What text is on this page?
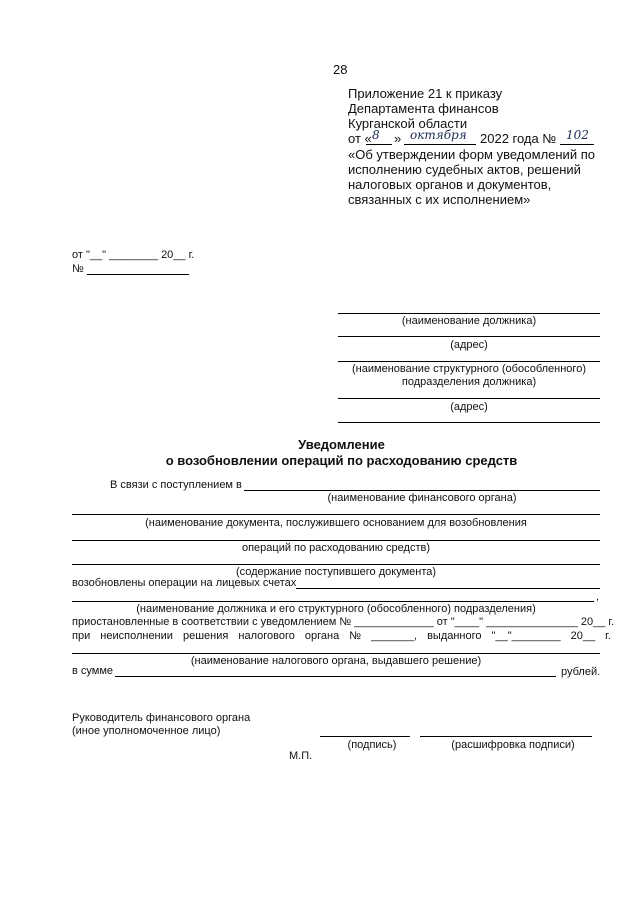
28
Приложение 21 к приказу
Департамента финансов
Курганской области
от « 8 » октября 2022 года № 102
«Об утверждении форм уведомлений по
исполнению судебных актов, решений
налоговых органов и документов,
связанных с их исполнением»
от "__" ________ 20__ г.
№
(наименование должника)
(адрес)
(наименование структурного (обособленного)
подразделения должника)
(адрес)
Уведомление
о возобновлении операций по расходованию средств
В связи с поступлением в
(наименование финансового органа)
(наименование документа, послужившего основанием для возобновления
операций по расходованию средств)
(содержание поступившего документа)
возобновлены операции на лицевых счетах
,
(наименование должника и его структурного (обособленного) подразделения)
приостановленные в соответствии с уведомлением № _____________ от "____" _______________ 20__ г.
при неисполнении решения налогового органа № _______, выданного "__"________ 20__ г.
(наименование налогового органа, выдавшего решение)
в сумме	рублей.
Руководитель финансового органа
(иное уполномоченное лицо)
(подпись)	(расшифровка подписи)
М.П.
